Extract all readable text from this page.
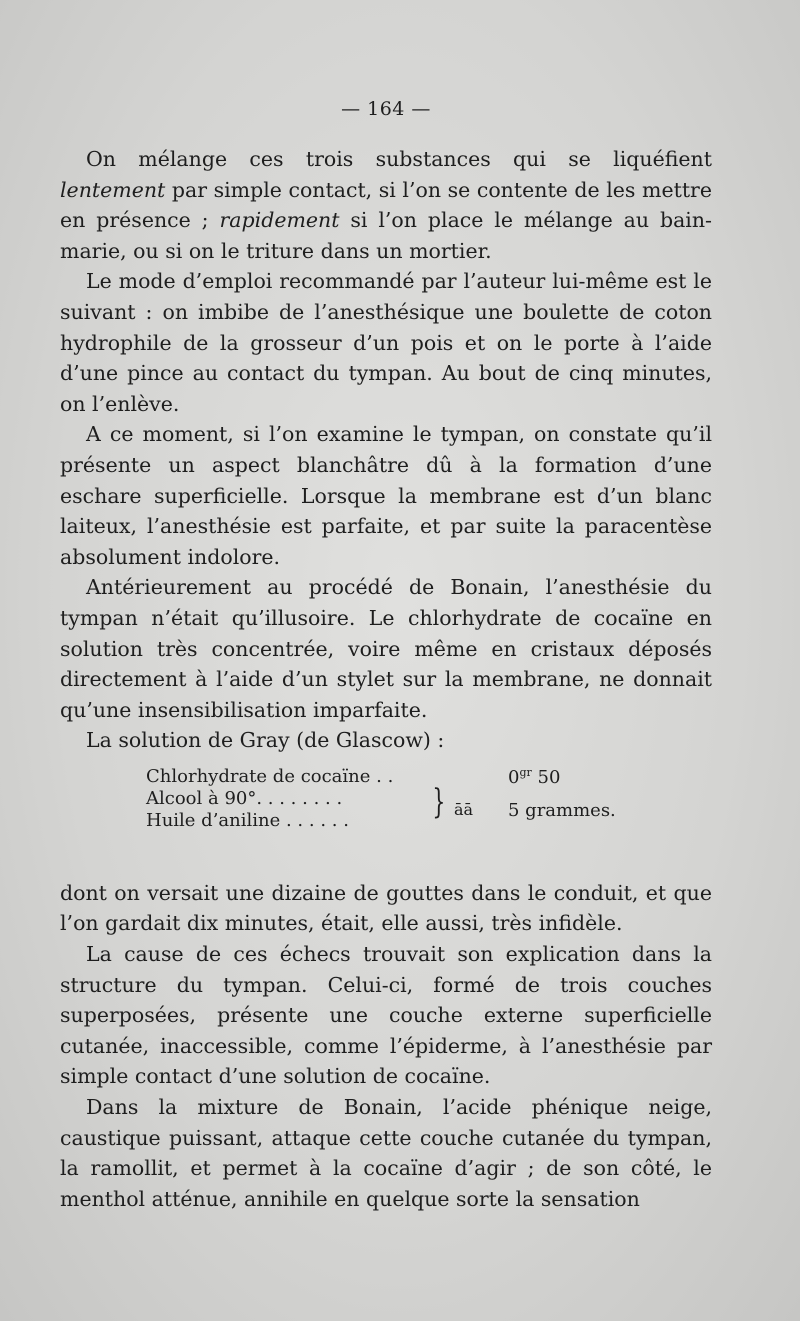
— 164 —

On mélange ces trois substances qui se liquéfient lentement par simple contact, si l’on se contente de les mettre en présence ; rapidement si l’on place le mélange au bain-marie, ou si on le triture dans un mortier.

Le mode d’emploi recommandé par l’auteur lui-même est le suivant : on imbibe de l’anesthésique une boulette de coton hydrophile de la grosseur d’un pois et on le porte à l’aide d’une pince au contact du tympan. Au bout de cinq minutes, on l’enlève.

A ce moment, si l’on examine le tympan, on constate qu’il présente un aspect blanchâtre dû à la formation d’une eschare superficielle. Lorsque la membrane est d’un blanc laiteux, l’anesthésie est parfaite, et par suite la paracentèse absolument indolore.

Antérieurement au procédé de Bonain, l’anesthésie du tympan n’était qu’illusoire. Le chlorhydrate de cocaïne en solution très concentrée, voire même en cristaux déposés directement à l’aide d’un stylet sur la membrane, ne donnait qu’une insensibilisation imparfaite.

La solution de Gray (de Glascow) :

Chlorhydrate de cocaïne . .	$0^{gr}$ 50
Alcool à 90°. . . . . . . .
Huile d’aniline . . . . . . } āā 5 grammes.

dont on versait une dizaine de gouttes dans le conduit, et que l’on gardait dix minutes, était, elle aussi, très infidèle.

La cause de ces échecs trouvait son explication dans la structure du tympan. Celui-ci, formé de trois couches superposées, présente une couche externe superficielle cutanée, inaccessible, comme l’épiderme, à l’anesthésie par simple contact d’une solution de cocaïne.

Dans la mixture de Bonain, l’acide phénique neige, caustique puissant, attaque cette couche cutanée du tympan, la ramollit, et permet à la cocaïne d’agir ; de son côté, le menthol atténue, annihile en quelque sorte la sensation
